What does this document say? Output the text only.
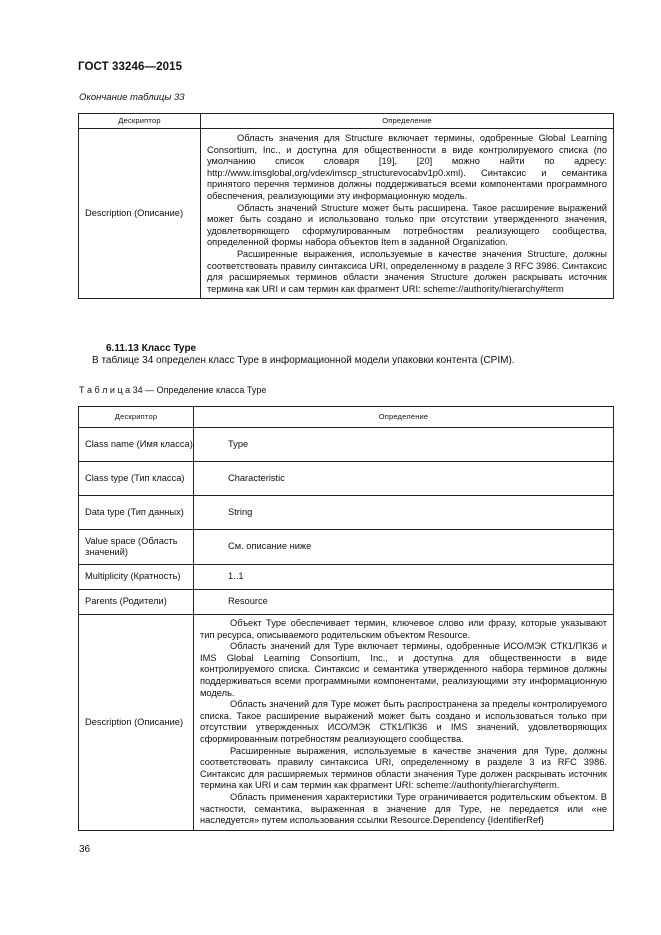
ГОСТ 33246—2015
Окончание таблицы 33
Дескриптор	Определение
Description (Описание)	Область значения для Structure включает термины, одобренные Global Learning Consortium, Inc., и доступна для общественности в виде контролируемого списка (по умолчанию список словаря [19], [20] можно найти по адресу: http://www.imsglobal,org/vdex/imscp_structurevocabv1p0.xml). Синтаксис и семантика принятого перечня терминов должны поддерживаться всеми компонентами программного обеспечения, реализующими эту информационную модель.

Область значений Structure может быть расширена. Такое расширение выражений может быть создано и использовано только при отсутствии утвержденного значения, удовлетворяющего сформулированным потребностям реализующего сообщества, определенной формы набора объектов Item в заданной Organization.

Расширенные выражения, используемые в качестве значения Structure, должны соответствовать правилу синтаксиса URI, определенному в разделе 3 RFC 3986. Синтаксис для расширяемых терминов области значения Structure должен раскрывать источник термина как URI и сам термин как фрагмент URI: scheme://authority/hierarchy#term

6.11.13 Класс Type
В таблице 34 определен класс Type в информационной модели упаковки контента (CPIM).
Т а б л и ц а 34 — Определение класса Type
Дескриптор	Определение
Class name (Имя класса)	Type
Class type (Тип класса)	Characteristic
Data type (Тип данных)	String
Value space (Область значений)	См. описание ниже
Multiplicity (Кратность)	1..1
Parents (Родители)	Resource
Description (Описание)	Объект Type обеспечивает термин, ключевое слово или фразу, которые указывают тип ресурса, описываемого родительским объектом Resource.

Область значений для Type включает термины, одобренные ИСО/МЭК СТК1/ПК36 и IMS Global Learning Consortium, Inc., и доступна для общественности в виде контролируемого списка. Синтаксис и семантика утвержденного набора терминов должны поддерживаться всеми программными компонентами, реализующими эту информационную модель.

Область значений для Type может быть распространена за пределы контролируемого списка. Такое расширение выражений может быть создано и использоваться только при отсутствии утвержденных ИСО/МЭК СТК1/ПК36 и IMS значений, удовлетворяющих сформированным потребностям реализующего сообщества.

Расширенные выражения, используемые в качестве значения для Type, должны соответствовать правилу синтаксиса URI, определенному в разделе 3 из RFC 3986. Синтаксис для расширяемых терминов области значения Type должен раскрывать источник термина как URI и сам термин как фрагмент URI: scheme://authority/hierarchy#term.

Область применения характеристики Type ограничивается родительским объектом. В частности, семантика, выраженная в значение для Type, не передается или «не наследуется» путем использования ссылки Resource.Dependency {IdentifierRef}

36
